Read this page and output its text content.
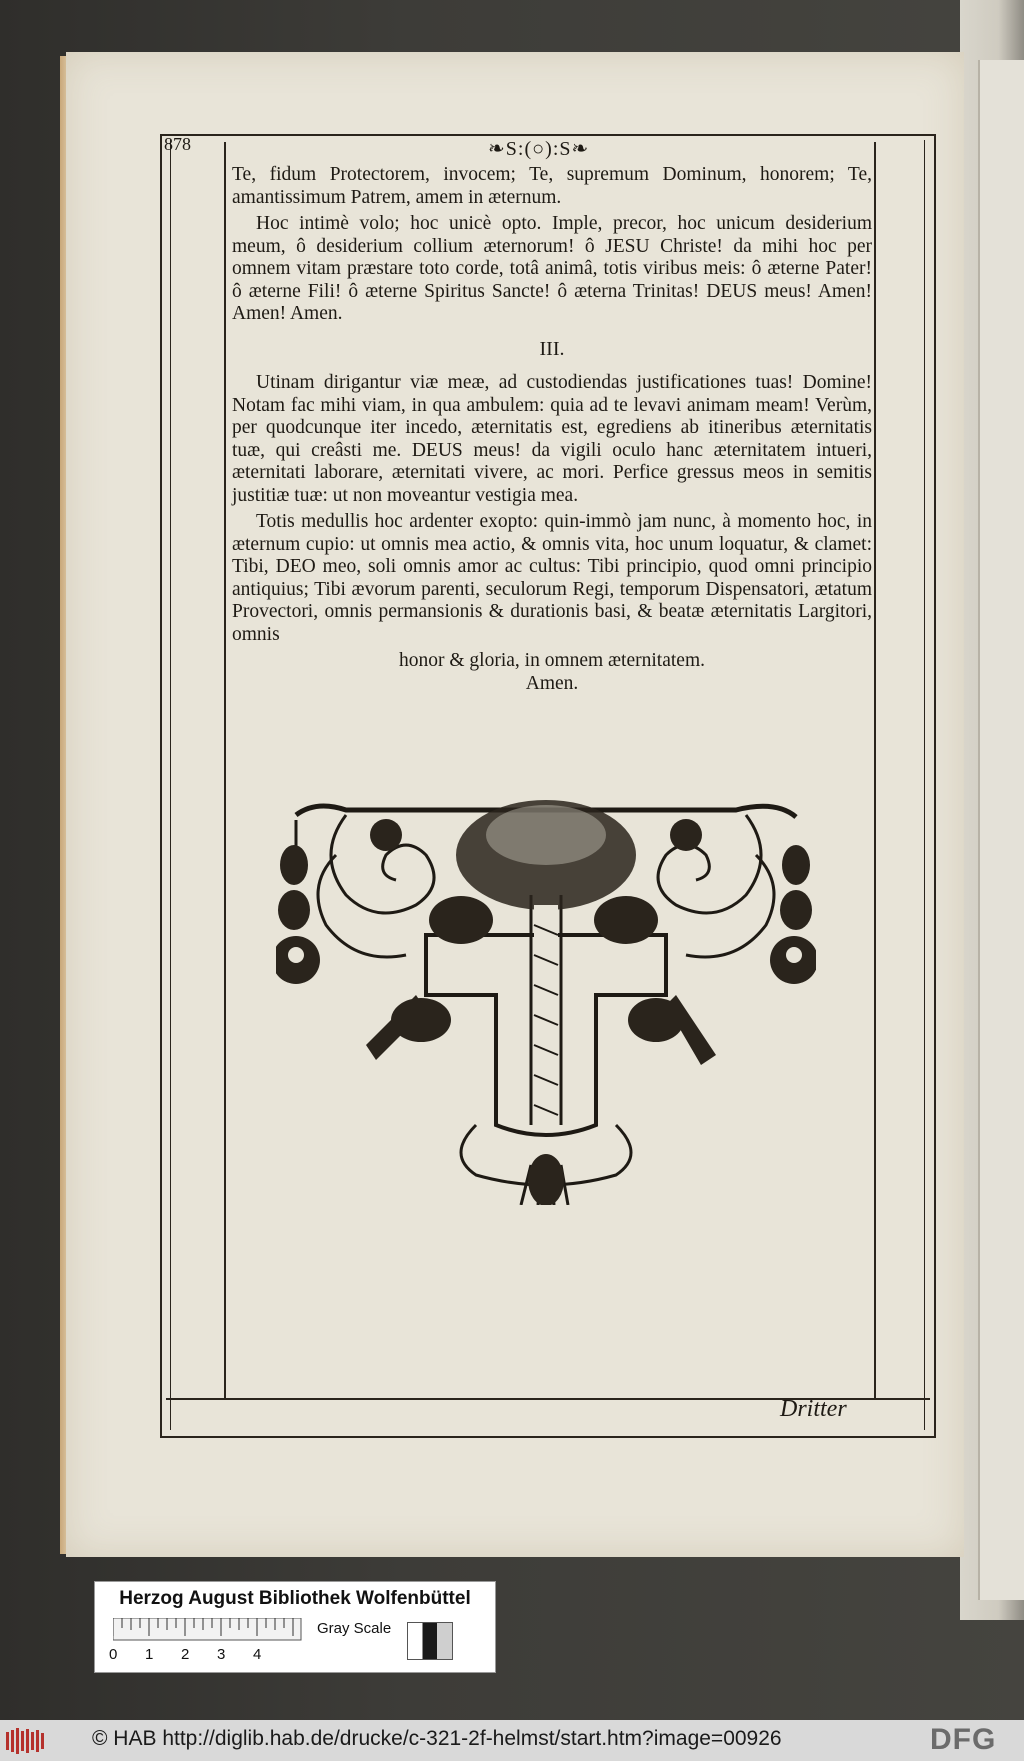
878	❧S:(○):S❧

Te, fidum Protectorem, invocem; Te, supremum Dominum, honorem; Te, amantissimum Patrem, amem in æternum.

Hoc intimè volo; hoc unicè opto. Imple, precor, hoc unicum desiderium meum, ô desiderium collium æternorum! ô JESU Christe! da mihi hoc per omnem vitam præstare toto corde, totâ animâ, totis viribus meis: ô æterne Pater! ô æterne Fili! ô æterne Spiritus Sancte! ô æterna Trinitas! DEUS meus! Amen! Amen! Amen.

III.

Utinam dirigantur viæ meæ, ad custodiendas justificationes tuas! Domine! Notam fac mihi viam, in qua ambulem: quia ad te levavi animam meam! Verùm, per quodcunque iter incedo, æternitatis est, egrediens ab itineribus æternitatis tuæ, qui creâsti me. DEUS meus! da vigili oculo hanc æternitatem intueri, æternitati laborare, æternitati vivere, ac mori. Perfice gressus meos in semitis justitiæ tuæ: ut non moveantur vestigia mea.

Totis medullis hoc ardenter exopto: quin-immò jam nunc, à momento hoc, in æternum cupio: ut omnis mea actio, & omnis vita, hoc unum loquatur, & clamet: Tibi, DEO meo, soli omnis amor ac cultus: Tibi principio, quod omni principio antiquius; Tibi ævorum parenti, seculorum Regi, temporum Dispensatori, ætatum Provectori, omnis permansionis & durationis basi, & beatæ æternitatis Largitori, omnis

honor & gloria, in omnem æternitatem.
Amen.
Dritter
Herzog August Bibliothek Wolfenbüttel
Gray Scale
0 1 2 3 4
© HAB http://diglib.hab.de/drucke/c-321-2f-helmst/start.htm?image=00926	DFG
